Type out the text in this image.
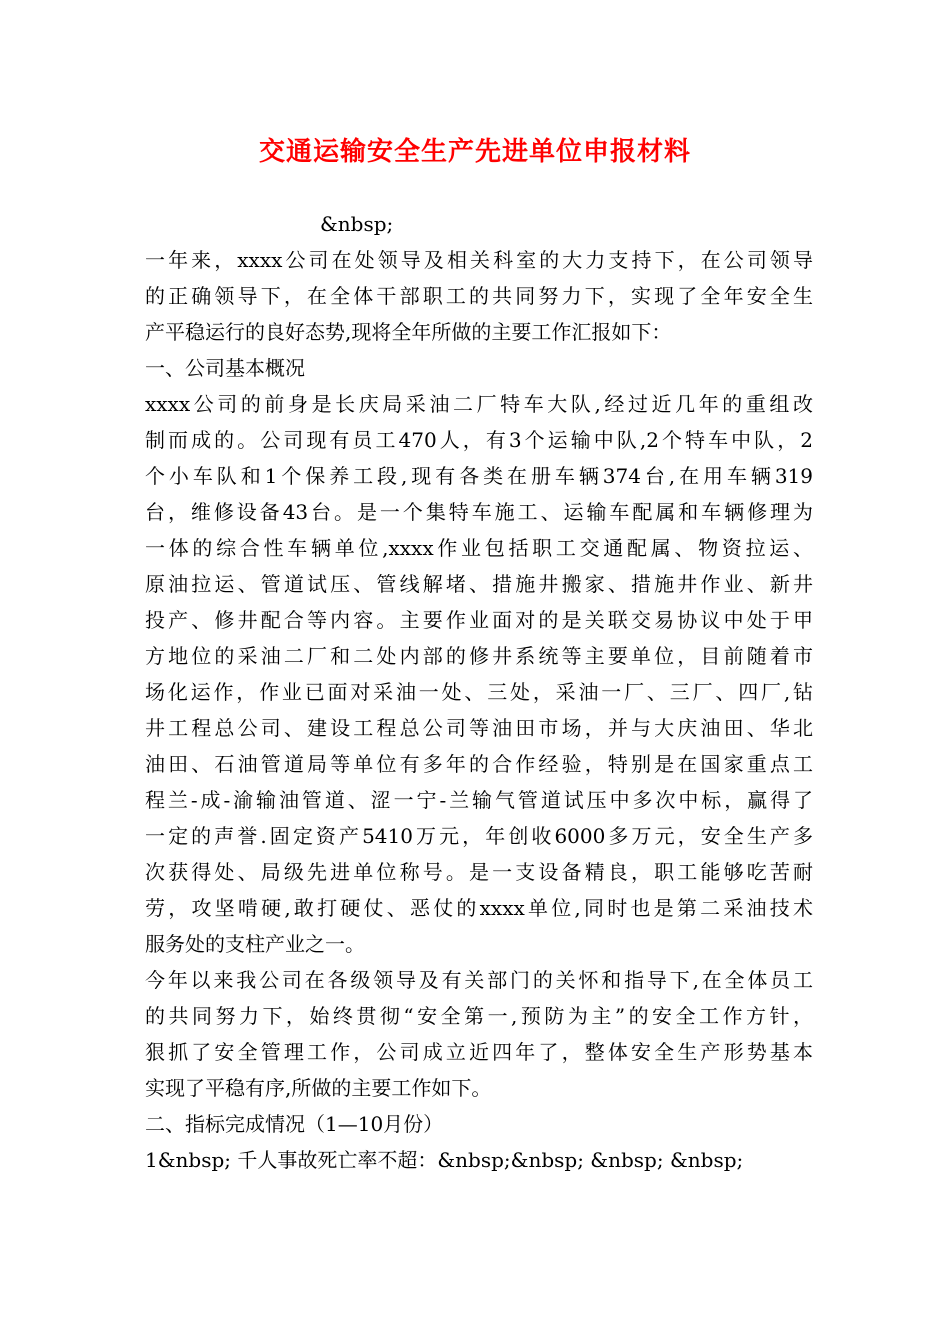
交通运输安全生产先进单位申报材料
&nbsp;
一年来，xxxx公司在处领导及相关科室的大力支持下，在公司领导
的正确领导下，在全体干部职工的共同努力下，实现了全年安全生
产平稳运行的良好态势,现将全年所做的主要工作汇报如下：
一、公司基本概况
xxxx公司的前身是长庆局采油二厂特车大队,经过近几年的重组改
制而成的。公司现有员工470人，有3个运输中队,2个特车中队，2
个小车队和1个保养工段,现有各类在册车辆374台,在用车辆319
台，维修设备43台。是一个集特车施工、运输车配属和车辆修理为
一体的综合性车辆单位,xxxx作业包括职工交通配属、物资拉运、
原油拉运、管道试压、管线解堵、措施井搬家、措施井作业、新井
投产、修井配合等内容。主要作业面对的是关联交易协议中处于甲
方地位的采油二厂和二处内部的修井系统等主要单位，目前随着市
场化运作，作业已面对采油一处、三处，采油一厂、三厂、四厂,钻
井工程总公司、建设工程总公司等油田市场，并与大庆油田、华北
油田、石油管道局等单位有多年的合作经验，特别是在国家重点工
程兰-成-渝输油管道、涩一宁-兰输气管道试压中多次中标，赢得了
一定的声誉.固定资产5410万元，年创收6000多万元，安全生产多
次获得处、局级先进单位称号。是一支设备精良，职工能够吃苦耐
劳，攻坚啃硬,敢打硬仗、恶仗的xxxx单位,同时也是第二采油技术
服务处的支柱产业之一。
今年以来我公司在各级领导及有关部门的关怀和指导下,在全体员工
的共同努力下，始终贯彻“安全第一,预防为主”的安全工作方针，
狠抓了安全管理工作，公司成立近四年了，整体安全生产形势基本
实现了平稳有序,所做的主要工作如下。
二、指标完成情况（1—10月份）
1&nbsp; 千人事故死亡率不超：&nbsp;&nbsp; &nbsp; &nbsp;
